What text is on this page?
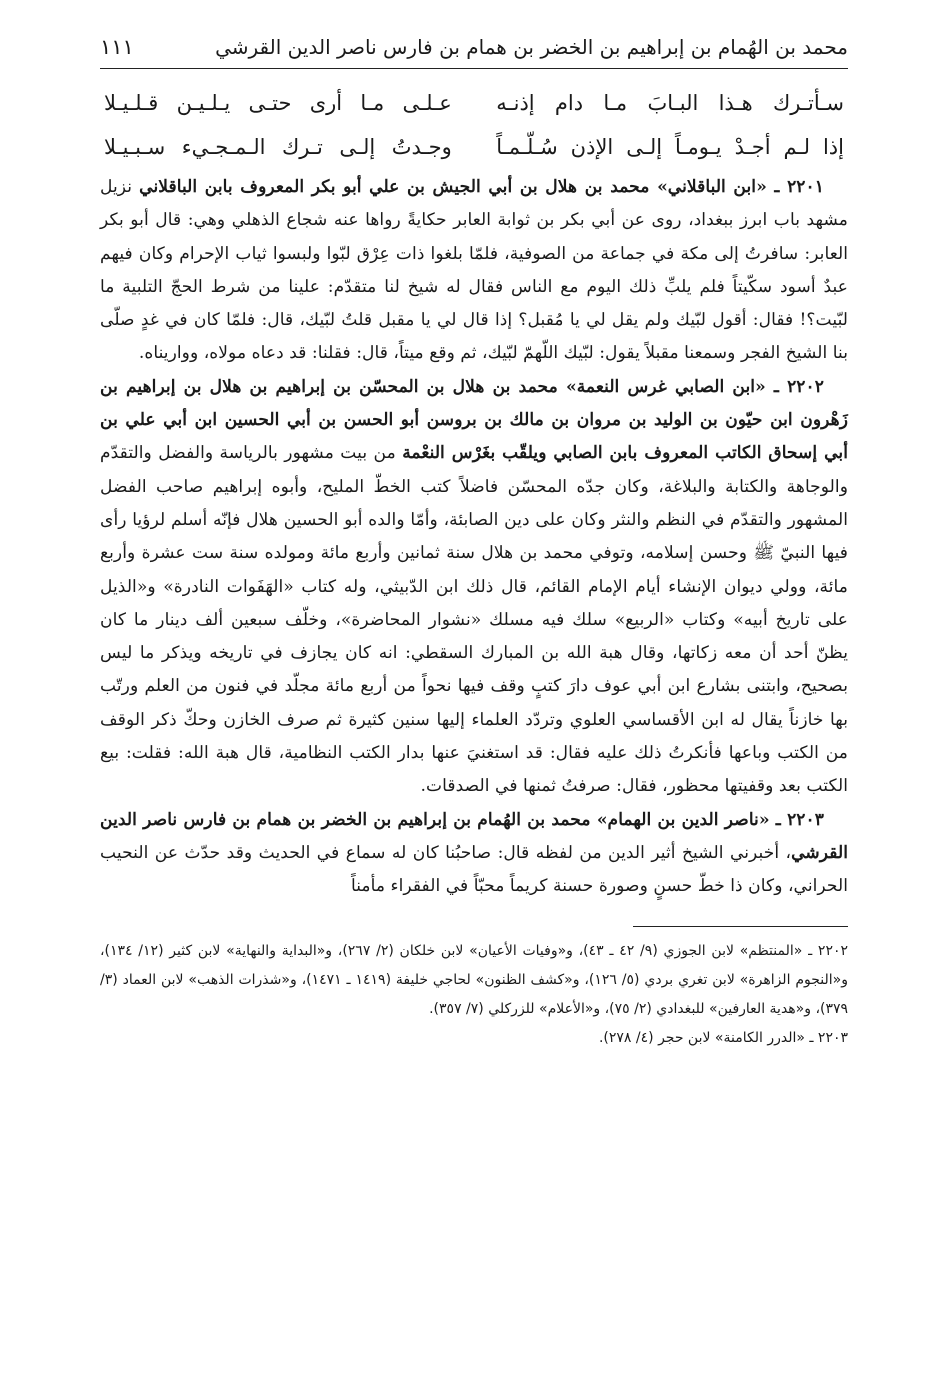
محمد بن الهُمام بن إبراهيم بن الخضر بن همام بن فارس ناصر الدين القرشي
١١١
سـأتـرك هـذا البـابَ مـا دام إذنـه
عـلـى مـا أرى حتـى يـلـيـن قـلـيـلا
إذا لـم أجـدْ يـومـاً إلـى الإذن سُـلّـمـاً
وجـدتُ إلـى تـرك الـمـجـيء سـبـيـلا

٢٢٠١ ـ «ابن الباقلاني» محمد بن هلال بن أبي الجيش بن علي أبو بكر المعروف بابن الباقلاني نزيل مشهد باب ابرز ببغداد، روى عن أبي بكر بن ثوابة العابر حكايةً رواها عنه شجاع الذهلي وهي: قال أبو بكر العابر: سافرتُ إلى مكة في جماعة من الصوفية، فلمّا بلغوا ذات عِرْق لبّوا ولبسوا ثياب الإحرام وكان فيهم عبدٌ أسود سكّيتاً فلم يلبِّ ذلك اليوم مع الناس فقال له شيخ لنا متقدّم: علينا من شرط الحجّ التلبية ما لبّيت؟! فقال: أقول لبّيك ولم يقل لي يا مُقبل؟ إذا قال لي يا مقبل قلتُ لبّيك، قال: فلمّا كان في غدٍ صلّى بنا الشيخ الفجر وسمعنا مقبلاً يقول: لبّيك اللّهمّ لبّيك، ثم وقع ميتاً، قال: فقلنا: قد دعاه مولاه، وواريناه.

٢٢٠٢ ـ «ابن الصابي غرس النعمة» محمد بن هلال بن المحسّن بن إبراهيم بن هلال بن إبراهيم بن زَهْرون ابن حيّون بن الوليد بن مروان بن مالك بن بروسن أبو الحسن بن أبي الحسين ابن أبي علي بن أبي إسحاق الكاتب المعروف بابن الصابي ويلقّب بغَرْس النعْمة من بيت مشهور بالرياسة والفضل والتقدّم والوجاهة والكتابة والبلاغة، وكان جدّه المحسّن فاضلاً كتب الخطّ المليح، وأبوه إبراهيم صاحب الفضل المشهور والتقدّم في النظم والنثر وكان على دين الصابئة، وأمّا والده أبو الحسين هلال فإنّه أسلم لرؤيا رأى فيها النبيّ ﷺ وحسن إسلامه، وتوفي محمد بن هلال سنة ثمانين وأربع مائة ومولده سنة ست عشرة وأربع مائة، وولي ديوان الإنشاء أيام الإمام القائم، قال ذلك ابن الدّبيثي، وله كتاب «الهَفَوات النادرة» و«الذيل على تاريخ أبيه» وكتاب «الربيع» سلك فيه مسلك «نشوار المحاضرة»، وخلّف سبعين ألف دينار ما كان يظنّ أحد أن معه زكاتها، وقال هبة الله بن المبارك السقطي: انه كان يجازف في تاريخه ويذكر ما ليس بصحيح، وابتنى بشارع ابن أبي عوف دارَ كتبٍ وقف فيها نحواً من أربع مائة مجلّد في فنون من العلم ورتّب بها خازناً يقال له ابن الأقساسي العلوي وتردّد العلماء إليها سنين كثيرة ثم صرف الخازن وحكّ ذكر الوقف من الكتب وباعها فأنكرتُ ذلك عليه فقال: قد استغنيَ عنها بدار الكتب النظامية، قال هبة الله: فقلت: بيع الكتب بعد وقفيتها محظور، فقال: صرفتُ ثمنها في الصدقات.

٢٢٠٣ ـ «ناصر الدين بن الهمام» محمد بن الهُمام بن إبراهيم بن الخضر بن همام بن فارس ناصر الدين القرشي، أخبرني الشيخ أثير الدين من لفظه قال: صاحبُنا كان له سماع في الحديث وقد حدّث عن النحيب الحراني، وكان ذا خطّ حسنٍ وصورة حسنة كريماً محبّاً في الفقراء مأمناً

٢٢٠٢ ـ «المنتظم» لابن الجوزي (٩/ ٤٢ ـ ٤٣)، و«وفيات الأعيان» لابن خلكان (٢/ ٢٦٧)، و«البداية والنهاية» لابن كثير (١٢/ ١٣٤)، و«النجوم الزاهرة» لابن تغري بردي (٥/ ١٢٦)، و«كشف الظنون» لحاجي خليفة (١٤١٩ ـ ١٤٧١)، و«شذرات الذهب» لابن العماد (٣/ ٣٧٩)، و«هدية العارفين» للبغدادي (٢/ ٧٥)، و«الأعلام» للزركلي (٧/ ٣٥٧).

٢٢٠٣ ـ «الدرر الكامنة» لابن حجر (٤/ ٢٧٨).
